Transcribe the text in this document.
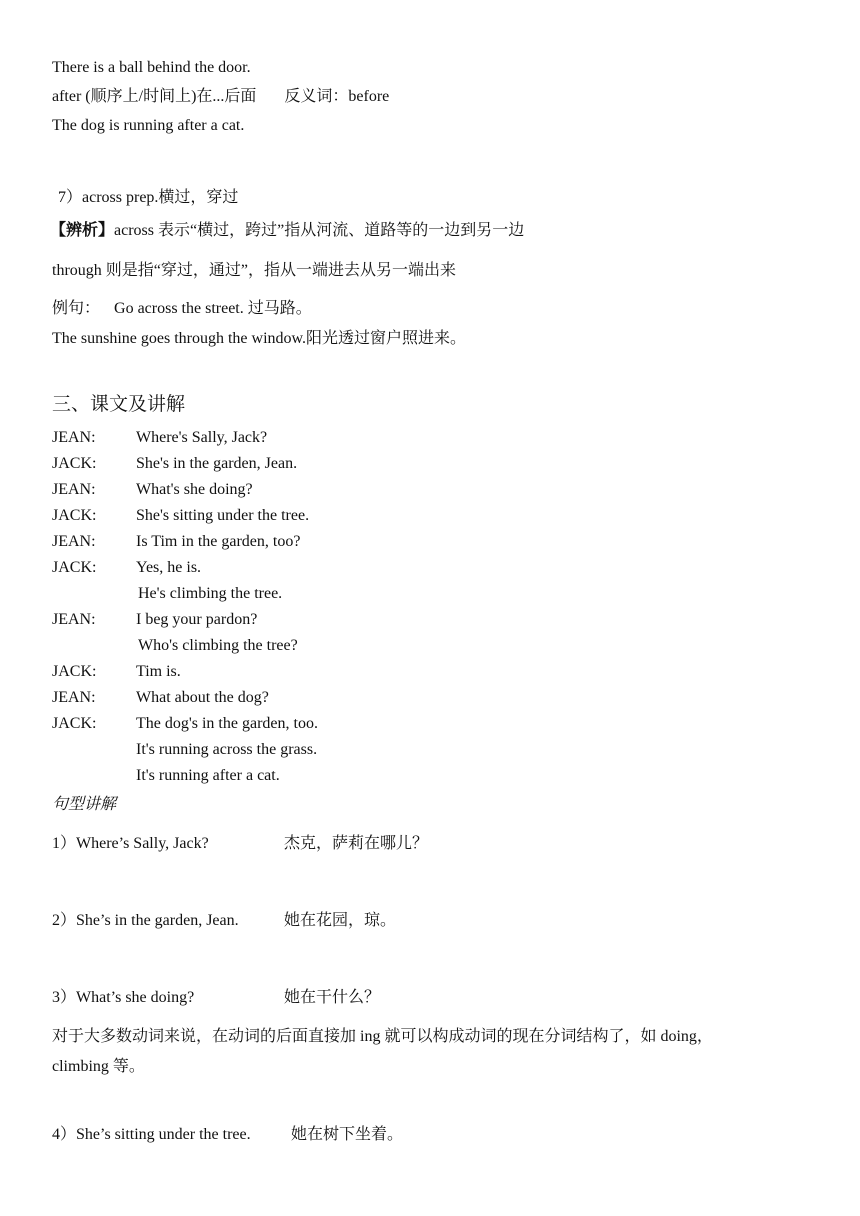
There is a ball behind the door.
after (顺序上/时间上)在...后面 反义词：before
The dog is running after a cat.
7）across prep.横过，穿过
【辨析】across 表示“横过，跨过”指从河流、道路等的一边到另一边
through 则是指“穿过，通过”，指从一端进去从另一端出来
例句： Go across the street. 过马路。
The sunshine goes through the window.阳光透过窗户照进来。
三、课文及讲解
JEAN:	Where's Sally, Jack?
JACK:	She's in the garden, Jean.
JEAN:	What's she doing?
JACK:	She's sitting under the tree.
JEAN:	Is Tim in the garden, too?
JACK:	Yes, he is.
He's climbing the tree.
JEAN:	I beg your pardon?
Who's climbing the tree?
JACK:	Tim is.
JEAN:	What about the dog?
JACK:	The dog's in the garden, too.
It's running across the grass.
It's running after a cat.
句型讲解
1）Where’s Sally, Jack?	杰克，萨莉在哪儿？
2）She’s in the garden, Jean.	她在花园，琼。
3）What’s she doing?	她在干什么？
对于大多数动词来说，在动词的后面直接加 ing 就可以构成动词的现在分词结构了，如 doing，
climbing 等。
4）She’s sitting under the tree.	她在树下坐着。
